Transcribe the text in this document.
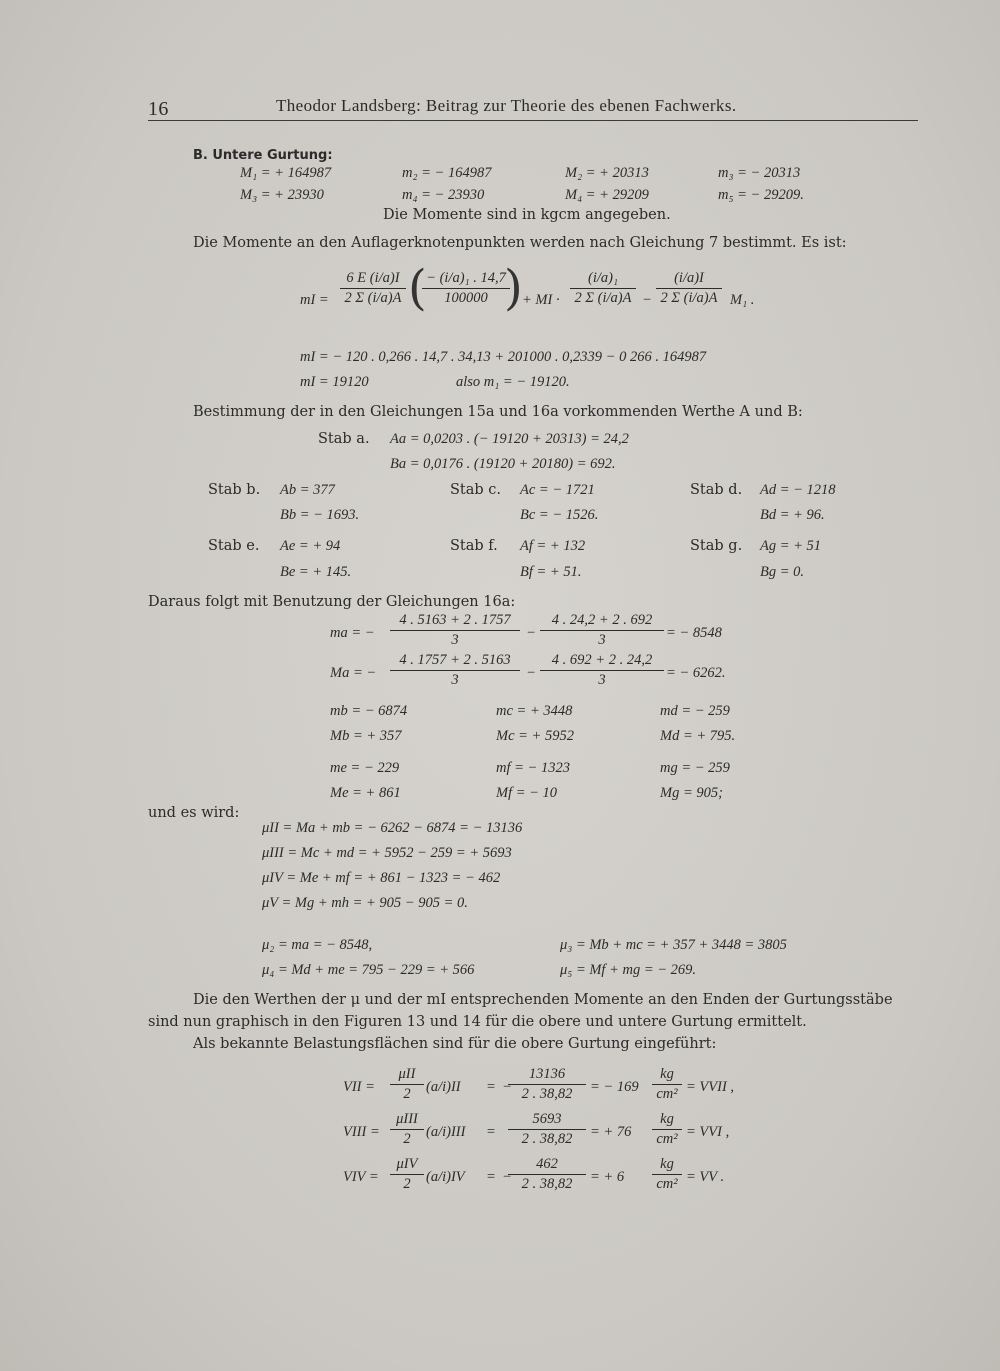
16	Theodor Landsberg: Beitrag zur Theorie des ebenen Fachwerks.
B. Untere Gurtung:
M₁ = + 164987	m₂ = − 164987	M₂ = + 20313	m₃ = − 20313
M₃ = + 23930	m₄ = − 23930	M₄ = + 29209	m₅ = − 29209.
Die Momente sind in kgcm angegeben.
Die Momente an den Auflagerknotenpunkten werden nach Gleichung 7 bestimmt. Es ist:
mI =
6 E (i/a)I
2 Σ (i/a)A ( − (i/a)₁ . 14,7
100000 ) + MI ·
(i/a)₁
2 Σ (i/a)A −
(i/a)I
2 Σ (i/a)A M₁ .
mI = − 120 . 0,266 . 14,7 . 34,13 + 201000 . 0,2339 − 0 266 . 164987
mI = 19120	also m₁ = − 19120.
Bestimmung der in den Gleichungen 15a und 16a vorkommenden Werthe A und B:
Stab a. Aa = 0,0203 . (− 19120 + 20313) = 24,2
Ba = 0,0176 . (19120 + 20180) = 692.
Stab b. Ab = 377
Bb = − 1693.
Stab c. Ac = − 1721
Bc = − 1526.
Stab d. Ad = − 1218
Bd = + 96.
Stab e. Ae = + 94
Be = + 145.
Stab f. Af = + 132
Bf = + 51.
Stab g. Ag = + 51
Bg = 0.
Daraus folgt mit Benutzung der Gleichungen 16a:
ma = −
4 . 5163 + 2 . 1757
3	−
4 . 24,2 + 2 . 692
3	= − 8548
Ma = −
4 . 1757 + 2 . 5163
3	−
4 . 692 + 2 . 24,2
3	= − 6262.
mb = − 6874	mc = + 3448	md = − 259
Mb = + 357	Mc = + 5952	Md = + 795.
me = − 229	mf = − 1323	mg = − 259
Me = + 861	Mf = − 10	Mg = 905;
und es wird:
μII = Ma + mb = − 6262 − 6874 = − 13136
μIII = Mc + md = + 5952 − 259 = + 5693
μIV = Me + mf = + 861 − 1323 = − 462
μV = Mg + mh = + 905 − 905 = 0.
μ₂ = ma = − 8548,	μ₃ = Mb + mc = + 357 + 3448 = 3805
μ₄ = Md + me = 795 − 229 = + 566	μ₅ = Mf + mg = − 269.
Die den Werthen der μ und der mI entsprechenden Momente an den Enden der Gurtungsstäbe
sind nun graphisch in den Figuren 13 und 14 für die obere und untere Gurtung ermittelt.
Als bekannte Belastungsflächen sind für die obere Gurtung eingeführt:
VII =
μII
2	(a/i)II = −
13136
2 . 38,82	= − 169
kg
cm² = VVII ,
VIII =
μIII
2	(a/i)III =
5693
2 . 38,82	= + 76
kg
cm² = VVI ,
VIV =
μIV
2	(a/i)IV = −
462
2 . 38,82	= + 6
kg
cm² = VV .
